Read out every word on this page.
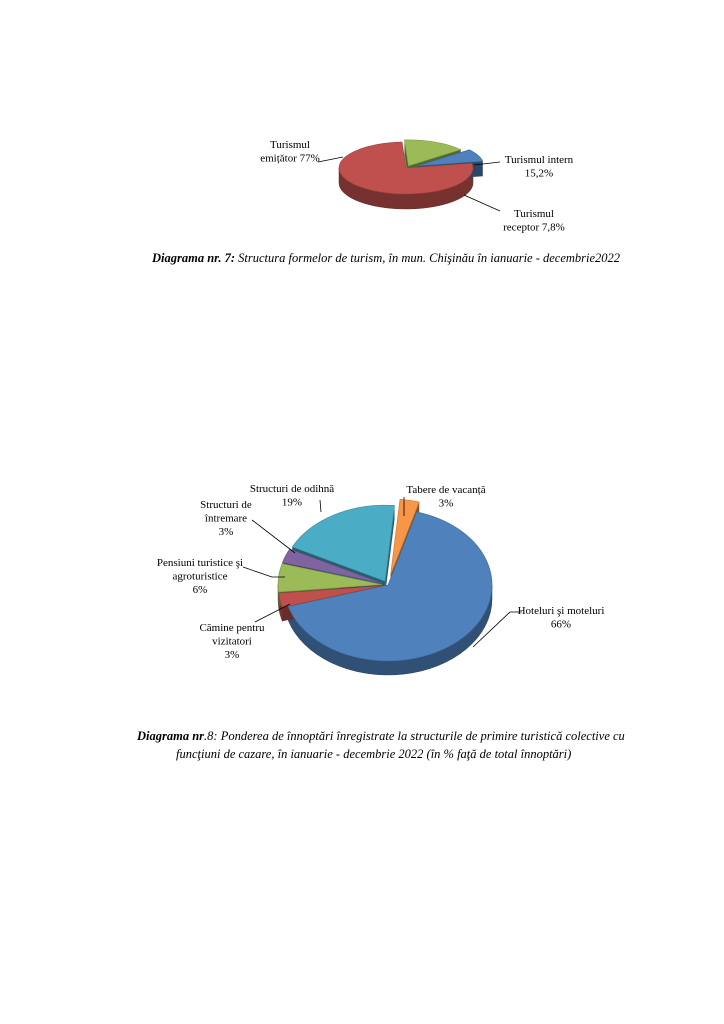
Turismul emițător 77%	Turismul intern 15,2%
Turismul receptor 7,8%
Hoteluri şi moteluri 66%
Cămine pentru vizitatori 3%
Pensiuni turistice şi agroturistice 6%
Structuri de întremare 3%
Structuri de odihnă 19%
Tabere de vacanță 3%
Diagrama nr. 7: Structura formelor de turism, în mun. Chişinău în ianuarie - decembrie2022
Diagrama nr.8: Ponderea de înnoptări înregistrate la structurile de primire turistică colective cu
funcţiuni de cazare, în ianuarie - decembrie 2022 (în % faţă de total înnoptări)
